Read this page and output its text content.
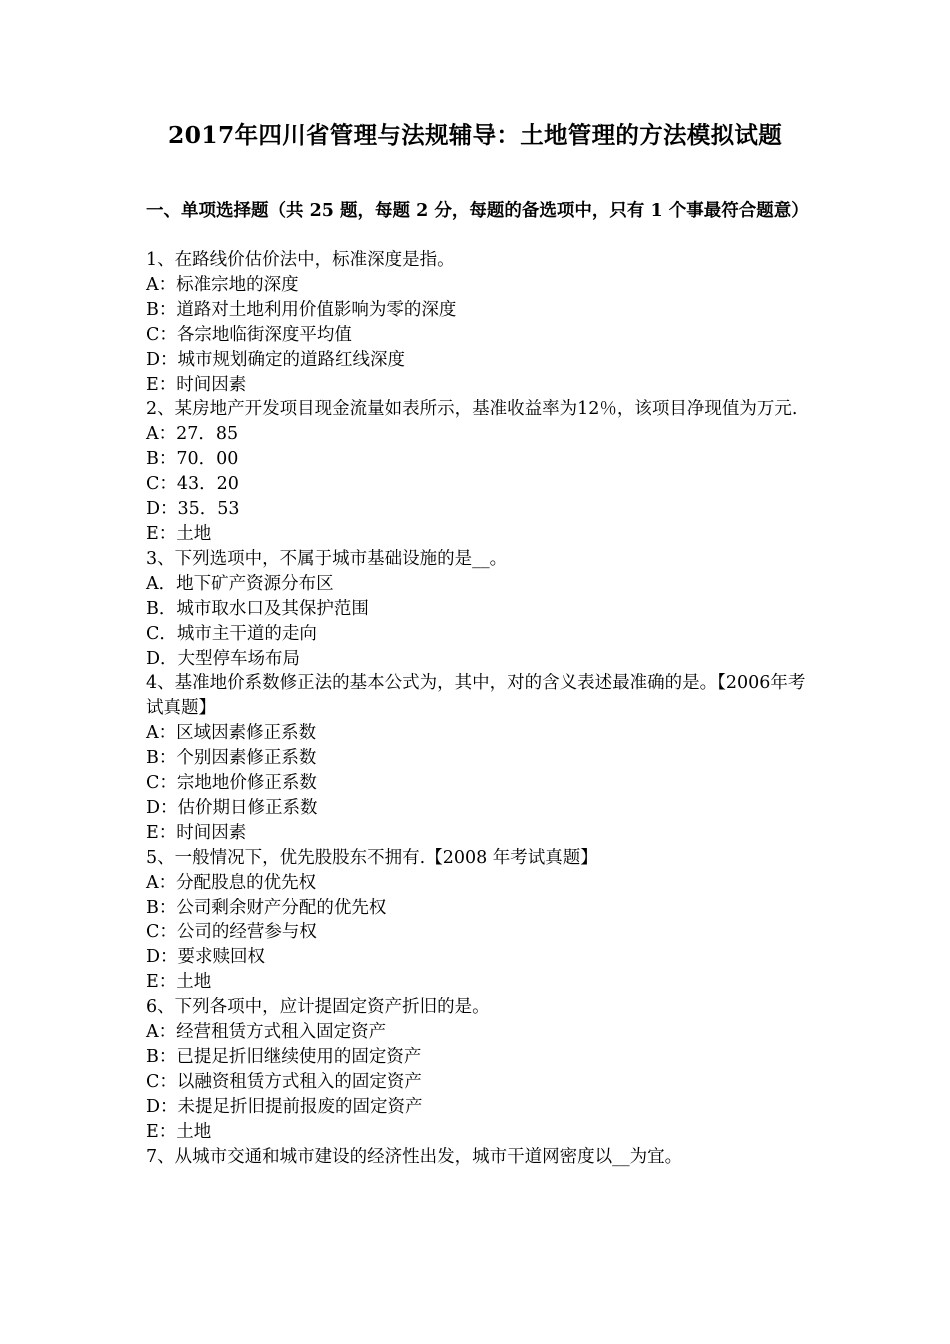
2017年四川省管理与法规辅导：土地管理的方法模拟试题
一、单项选择题（共 25 题，每题 2 分，每题的备选项中，只有 1 个事最符合题意）
1、在路线价估价法中，标准深度是指。
A：标准宗地的深度
B：道路对土地利用价值影响为零的深度
C：各宗地临街深度平均值
D：城市规划确定的道路红线深度
E：时间因素
2、某房地产开发项目现金流量如表所示，基准收益率为12％，该项目净现值为万元.
A：27．85
B：70．00
C：43．20
D：35．53
E：土地
3、下列选项中，不属于城市基础设施的是__。
A．地下矿产资源分布区
B．城市取水口及其保护范围
C．城市主干道的走向
D．大型停车场布局
4、基准地价系数修正法的基本公式为，其中，对的含义表述最准确的是。【2006年考试真题】
A：区域因素修正系数
B：个别因素修正系数
C：宗地地价修正系数
D：估价期日修正系数
E：时间因素
5、一般情况下，优先股股东不拥有.【2008 年考试真题】
A：分配股息的优先权
B：公司剩余财产分配的优先权
C：公司的经营参与权
D：要求赎回权
E：土地
6、下列各项中，应计提固定资产折旧的是。
A：经营租赁方式租入固定资产
B：已提足折旧继续使用的固定资产
C：以融资租赁方式租入的固定资产
D：未提足折旧提前报废的固定资产
E：土地
7、从城市交通和城市建设的经济性出发，城市干道网密度以__为宜。
